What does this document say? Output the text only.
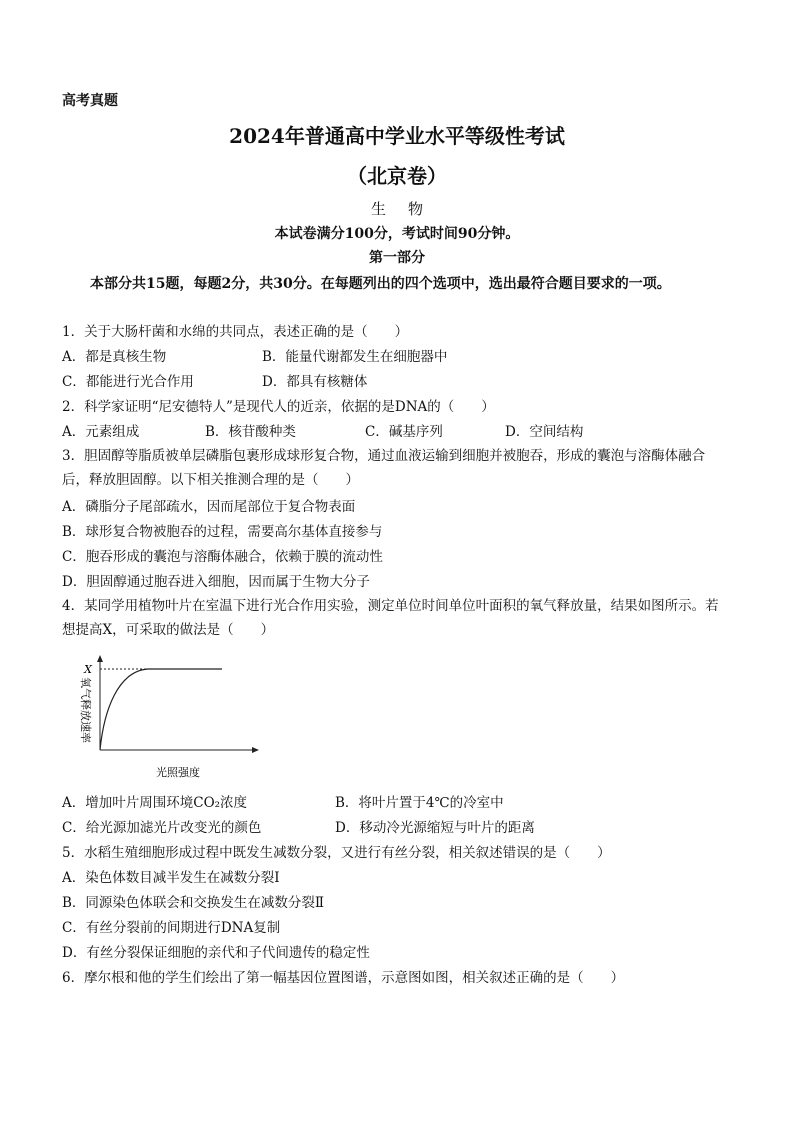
高考真题
2024年普通高中学业水平等级性考试
（北京卷）
生物
本试卷满分100分，考试时间90分钟。
第一部分
本部分共15题，每题2分，共30分。在每题列出的四个选项中，选出最符合题目要求的一项。
1．关于大肠杆菌和水绵的共同点，表述正确的是（　　）
A．都是真核生物	B．能量代谢都发生在细胞器中
C．都能进行光合作用	D．都具有核糖体
2．科学家证明“尼安德特人”是现代人的近亲，依据的是DNA的（　　）
A．元素组成	B．核苷酸种类	C．碱基序列	D．空间结构
3．胆固醇等脂质被单层磷脂包裹形成球形复合物，通过血液运输到细胞并被胞吞，形成的囊泡与溶酶体融合后，释放胆固醇。以下相关推测合理的是（　　）
A．磷脂分子尾部疏水，因而尾部位于复合物表面
B．球形复合物被胞吞的过程，需要高尔基体直接参与
C．胞吞形成的囊泡与溶酶体融合，依赖于膜的流动性
D．胆固醇通过胞吞进入细胞，因而属于生物大分子
4．某同学用植物叶片在室温下进行光合作用实验，测定单位时间单位叶面积的氧气释放量，结果如图所示。若想提高X，可采取的做法是（　　）
X
氧气释放速率
光照强度
A．增加叶片周围环境CO₂浓度	B．将叶片置于4℃的冷室中
C．给光源加滤光片改变光的颜色	D．移动冷光源缩短与叶片的距离
5．水稻生殖细胞形成过程中既发生减数分裂，又进行有丝分裂，相关叙述错误的是（　　）
A．染色体数目减半发生在减数分裂Ⅰ
B．同源染色体联会和交换发生在减数分裂Ⅱ
C．有丝分裂前的间期进行DNA复制
D．有丝分裂保证细胞的亲代和子代间遗传的稳定性
6．摩尔根和他的学生们绘出了第一幅基因位置图谱，示意图如图，相关叙述正确的是（　　）
